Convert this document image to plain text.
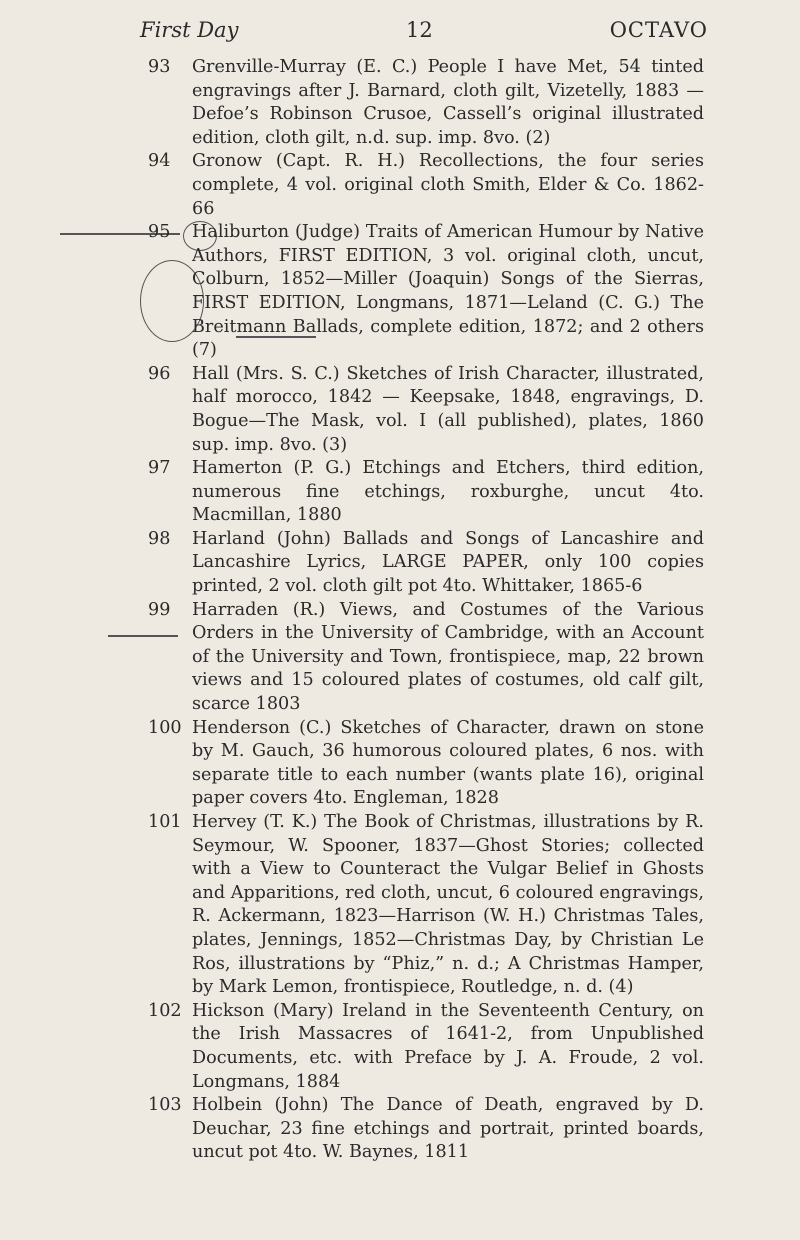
First Day	12	OCTAVO
93 Grenville-Murray (E. C.) People I have Met, 54 tinted engravings after J. Barnard, cloth gilt, Vizetelly, 1883 — Defoe’s Robinson Crusoe, Cassell’s original illustrated edition, cloth gilt, n.d. sup. imp. 8vo. (2)
94 Gronow (Capt. R. H.) Recollections, the four series complete, 4 vol. original cloth Smith, Elder & Co. 1862-66
95 Haliburton (Judge) Traits of American Humour by Native Authors, FIRST EDITION, 3 vol. original cloth, uncut, Colburn, 1852—Miller (Joaquin) Songs of the Sierras, FIRST EDITION, Longmans, 1871—Leland (C. G.) The Breitmann Ballads, complete edition, 1872; and 2 others (7)
96 Hall (Mrs. S. C.) Sketches of Irish Character, illustrated, half morocco, 1842 — Keepsake, 1848, engravings, D. Bogue—The Mask, vol. I (all published), plates, 1860 sup. imp. 8vo. (3)
97 Hamerton (P. G.) Etchings and Etchers, third edition, numerous fine etchings, roxburghe, uncut 4to. Macmillan, 1880
98 Harland (John) Ballads and Songs of Lancashire and Lancashire Lyrics, LARGE PAPER, only 100 copies printed, 2 vol. cloth gilt pot 4to. Whittaker, 1865-6
99 Harraden (R.) Views, and Costumes of the Various Orders in the University of Cambridge, with an Account of the University and Town, frontispiece, map, 22 brown views and 15 coloured plates of costumes, old calf gilt, scarce 1803
100 Henderson (C.) Sketches of Character, drawn on stone by M. Gauch, 36 humorous coloured plates, 6 nos. with separate title to each number (wants plate 16), original paper covers 4to. Engleman, 1828
101 Hervey (T. K.) The Book of Christmas, illustrations by R. Seymour, W. Spooner, 1837—Ghost Stories; collected with a View to Counteract the Vulgar Belief in Ghosts and Apparitions, red cloth, uncut, 6 coloured engravings, R. Ackermann, 1823—Harrison (W. H.) Christmas Tales, plates, Jennings, 1852—Christmas Day, by Christian Le Ros, illustrations by “Phiz,” n. d.; A Christmas Hamper, by Mark Lemon, frontispiece, Routledge, n. d. (4)
102 Hickson (Mary) Ireland in the Seventeenth Century, on the Irish Massacres of 1641-2, from Unpublished Documents, etc. with Preface by J. A. Froude, 2 vol. Longmans, 1884
103 Holbein (John) The Dance of Death, engraved by D. Deuchar, 23 fine etchings and portrait, printed boards, uncut pot 4to. W. Baynes, 1811
